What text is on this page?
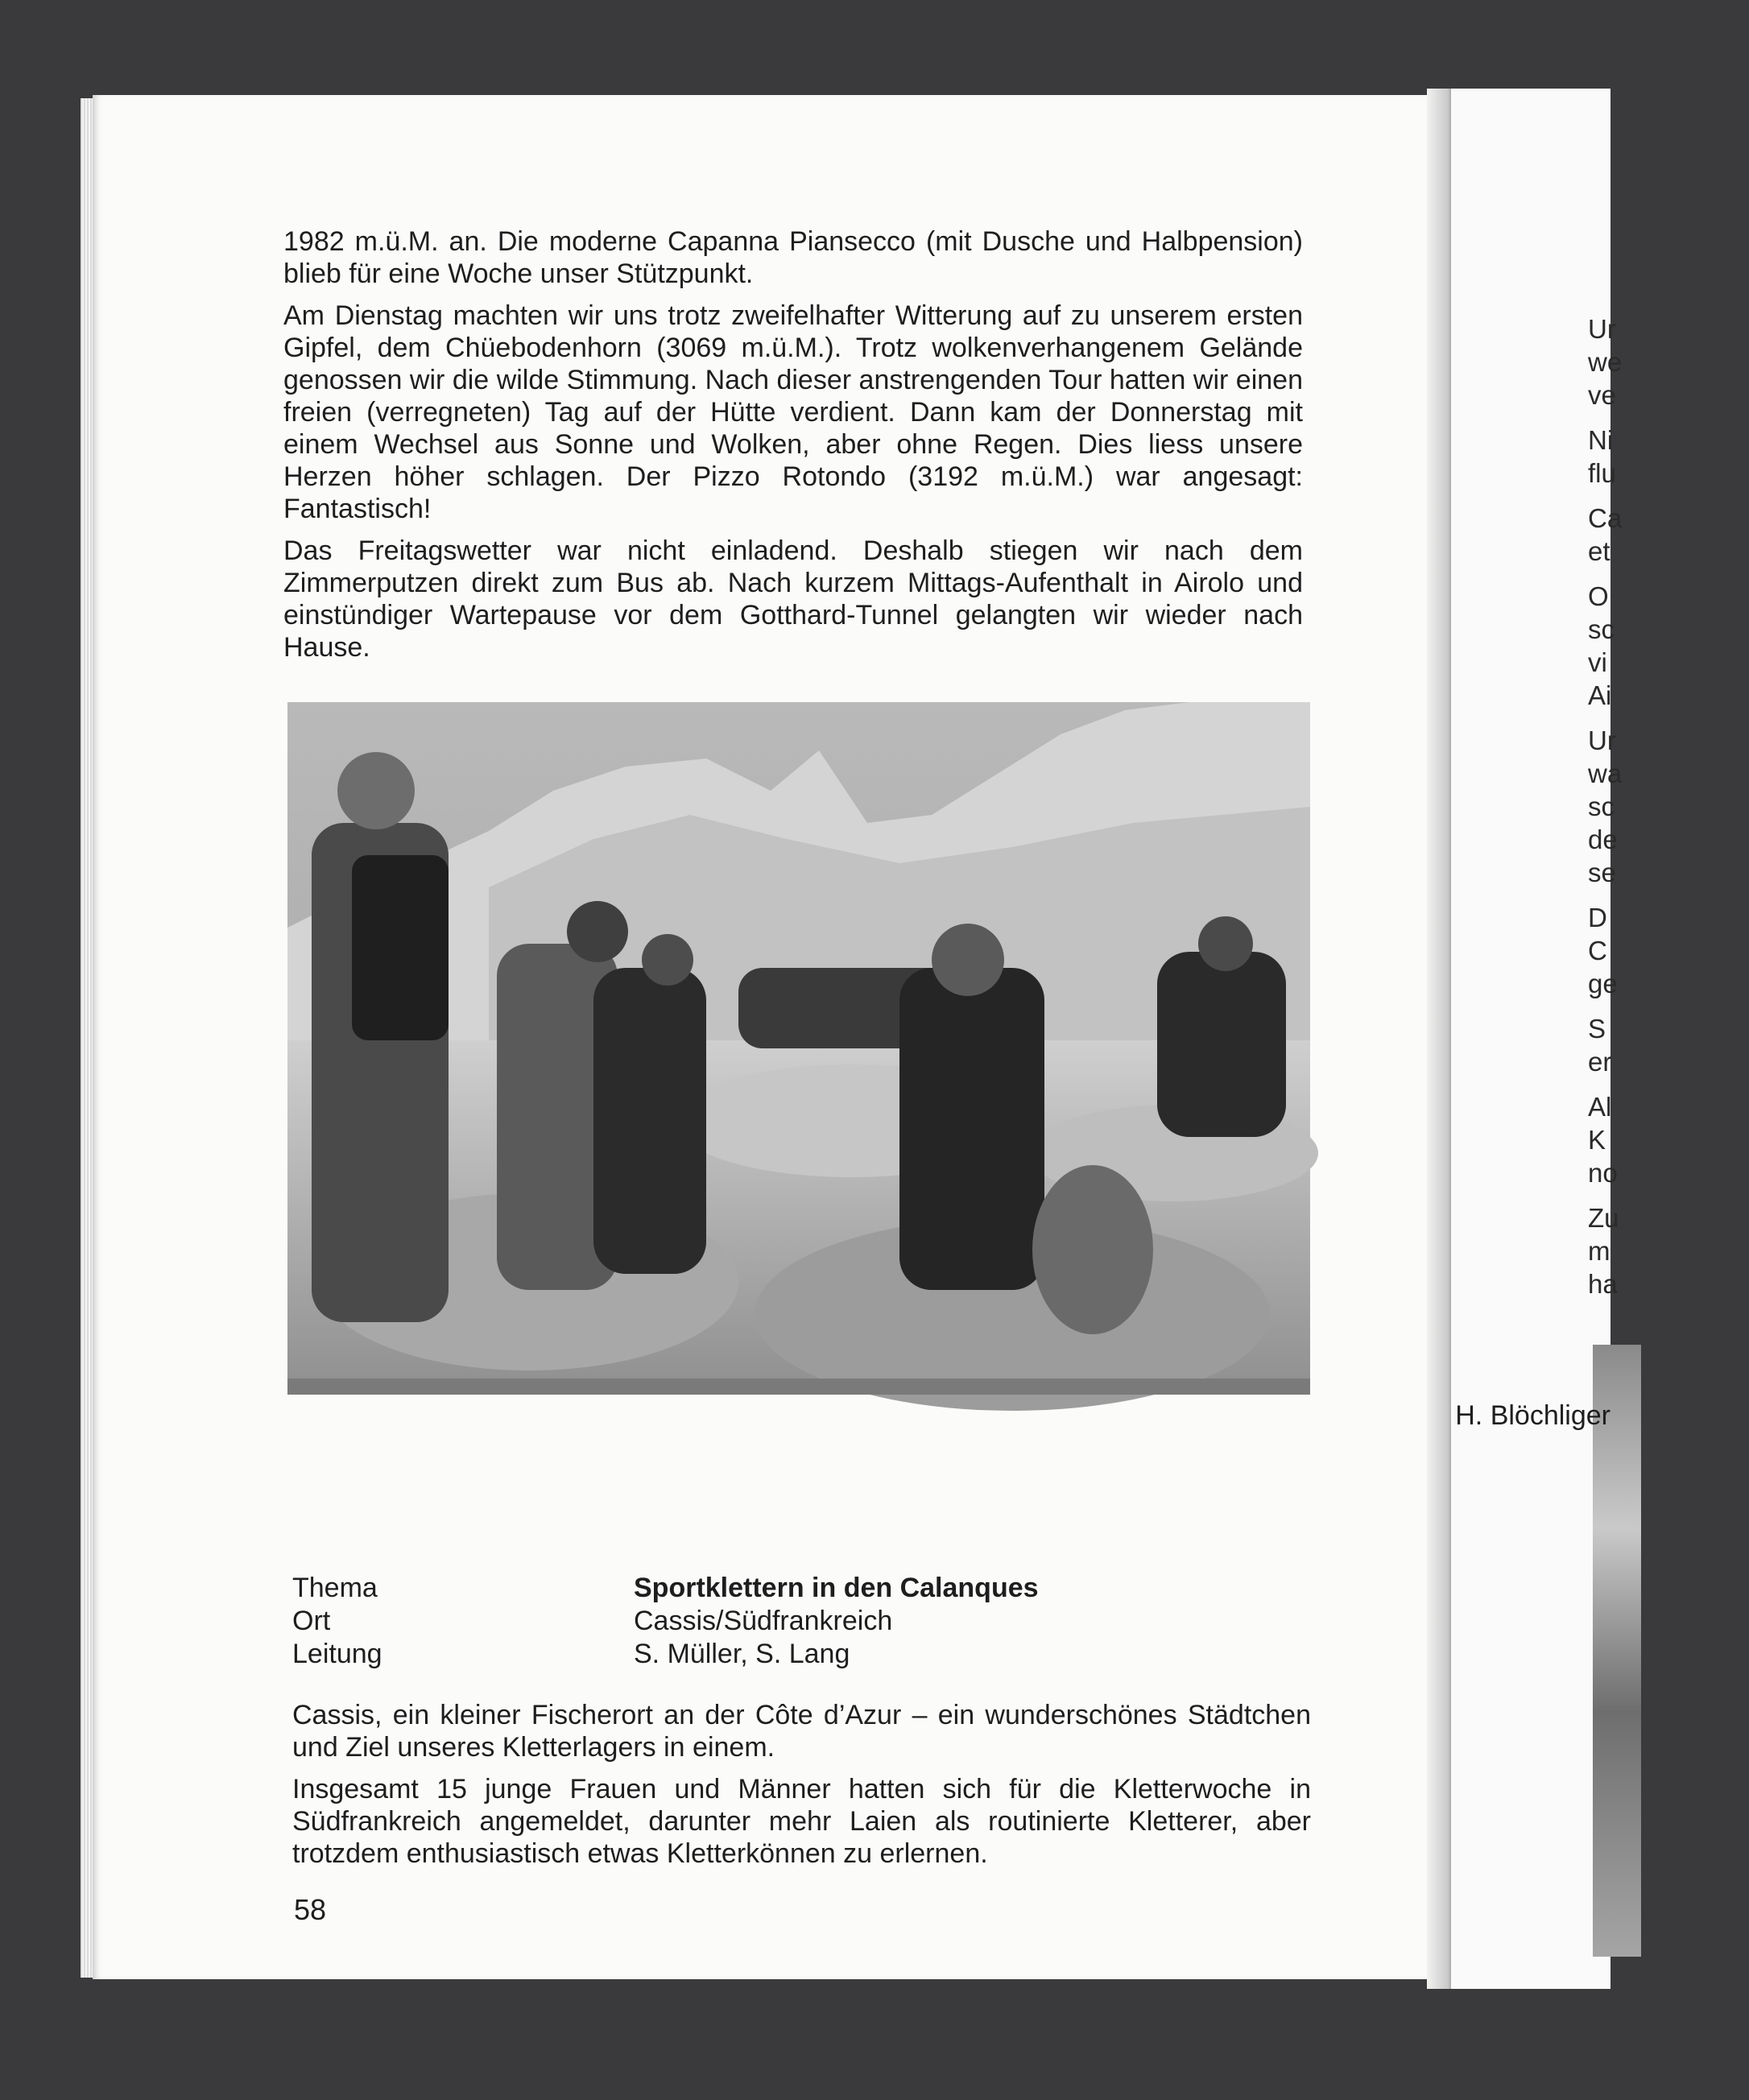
Ur
we
ve

Ni
flu

Ca
et

O
sc
vi
Ai

Ur
wa
sc
de
se

D
C
ge

S
er

Al
K
no

Zu
m
ha

1982 m.ü.M. an. Die moderne Capanna Piansecco (mit Dusche und Halbpension) blieb für eine Woche unser Stützpunkt.

Am Dienstag machten wir uns trotz zweifelhafter Witterung auf zu unserem ersten Gipfel, dem Chüebodenhorn (3069 m.ü.M.). Trotz wolkenverhangenem Gelände genossen wir die wilde Stimmung. Nach dieser anstrengenden Tour hatten wir einen freien (verregneten) Tag auf der Hütte verdient. Dann kam der Donnerstag mit einem Wechsel aus Sonne und Wolken, aber ohne Regen. Dies liess unsere Herzen höher schlagen. Der Pizzo Rotondo (3192 m.ü.M.) war angesagt: Fantastisch!

Das Freitagswetter war nicht einladend. Deshalb stiegen wir nach dem Zimmerputzen direkt zum Bus ab. Nach kurzem Mittags-Aufenthalt in Airolo und einstündiger Wartepause vor dem Gotthard-Tunnel gelangten wir wieder nach Hause.

H. Blöchliger
Thema	Sportklettern in den Calanques
Ort	Cassis/Südfrankreich
Leitung	S. Müller, S. Lang

Cassis, ein kleiner Fischerort an der Côte d’Azur – ein wunderschönes Städtchen und Ziel unseres Kletterlagers in einem.

Insgesamt 15 junge Frauen und Männer hatten sich für die Kletterwoche in Südfrankreich angemeldet, darunter mehr Laien als routinierte Kletterer, aber trotzdem enthusiastisch etwas Kletterkönnen zu erlernen.

58
